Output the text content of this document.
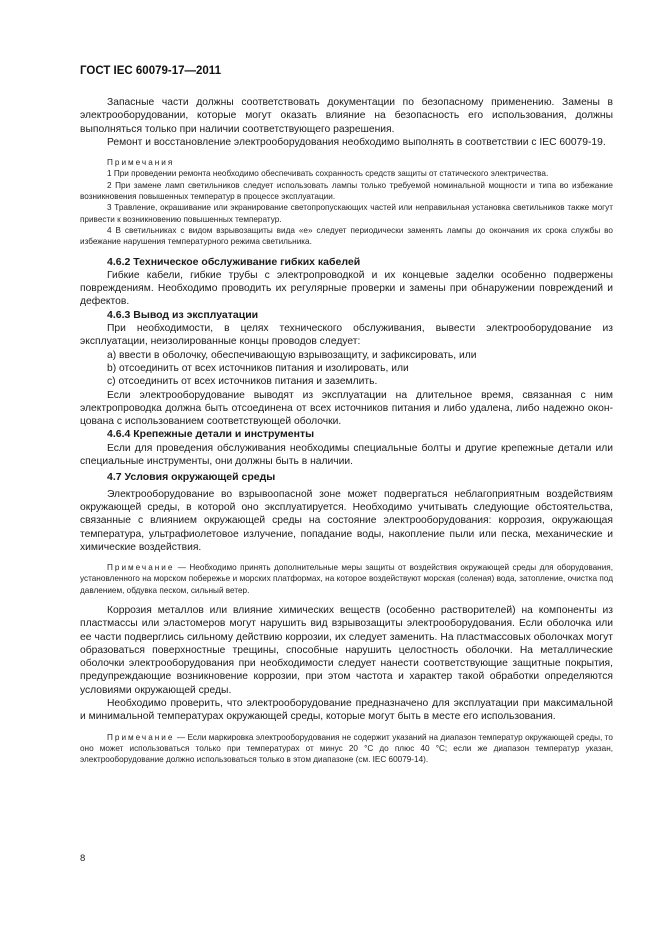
ГОСТ IEC 60079-17—2011

Запасные части должны соответствовать документации по безопасному применению. Замены в электрооборудовании, которые могут оказать влияние на безопасность его использования, должны выполняться только при наличии соответствующего разрешения.

Ремонт и восстановление электрооборудования необходимо выполнять в соответствии с IEC 60079-19.

Примечания

1 При проведении ремонта необходимо обеспечивать сохранность средств защиты от статического электричества.

2 При замене ламп светильников следует использовать лампы только требуемой номинальной мощности и типа во избежание возникновения повышенных температур в процессе эксплуатации.

3 Травление, окрашивание или экранирование светопропускающих частей или неправильная установка светильников также могут привести к возникновению повышенных температур.

4 В светильниках с видом взрывозащиты вида «е» следует периодически заменять лампы до окончания их срока службы во избежание нарушения температурного режима светильника.

4.6.2 Техническое обслуживание гибких кабелей

Гибкие кабели, гибкие трубы с электропроводкой и их концевые заделки особенно подвержены повреждениям. Необходимо проводить их регулярные проверки и замены при обнаружении повреждений и дефектов.

4.6.3 Вывод из эксплуатации

При необходимости, в целях технического обслуживания, вывести электрооборудование из эксплуатации, неизолированные концы проводов следует:

a) ввести в оболочку, обеспечивающую взрывозащиту, и зафиксировать, или

b) отсоединить от всех источников питания и изолировать, или

c) отсоединить от всех источников питания и заземлить.

Если электрооборудование выводят из эксплуатации на длительное время, связанная с ним электропроводка должна быть отсоединена от всех источников питания и либо удалена, либо надежно оконцована с использованием соответствующей оболочки.

4.6.4 Крепежные детали и инструменты

Если для проведения обслуживания необходимы специальные болты и другие крепежные детали или специальные инструменты, они должны быть в наличии.

4.7 Условия окружающей среды

Электрооборудование во взрывоопасной зоне может подвергаться неблагоприятным воздействиям окружающей среды, в которой оно эксплуатируется. Необходимо учитывать следующие обстоятельства, связанные с влиянием окружающей среды на состояние электрооборудования: коррозия, окружающая температура, ультрафиолетовое излучение, попадание воды, накопление пыли или песка, механические и химические воздействия.

Примечание — Необходимо принять дополнительные меры защиты от воздействия окружающей среды для оборудования, установленного на морском побережье и морских платформах, на которое воздействуют морская (соленая) вода, затопление, очистка под давлением, обдувка песком, сильный ветер.

Коррозия металлов или влияние химических веществ (особенно растворителей) на компоненты из пластмассы или эластомеров могут нарушить вид взрывозащиты электрооборудования. Если оболочка или ее части подверглись сильному действию коррозии, их следует заменить. На пластмассовых оболочках могут образоваться поверхностные трещины, способные нарушить целостность оболочки. На металлические оболочки электрооборудования при необходимости следует нанести соответствующие защитные покрытия, предупреждающие возникновение коррозии, при этом частота и характер такой обработки определяются условиями окружающей среды.

Необходимо проверить, что электрооборудование предназначено для эксплуатации при максимальной и минимальной температурах окружающей среды, которые могут быть в месте его использования.

Примечание — Если маркировка электрооборудования не содержит указаний на диапазон температур окружающей среды, то оно может использоваться только при температурах от минус 20 °С до плюс 40 °С; если же диапазон температур указан, электрооборудование должно использоваться только в этом диапазоне (см. IEC 60079-14).

8
